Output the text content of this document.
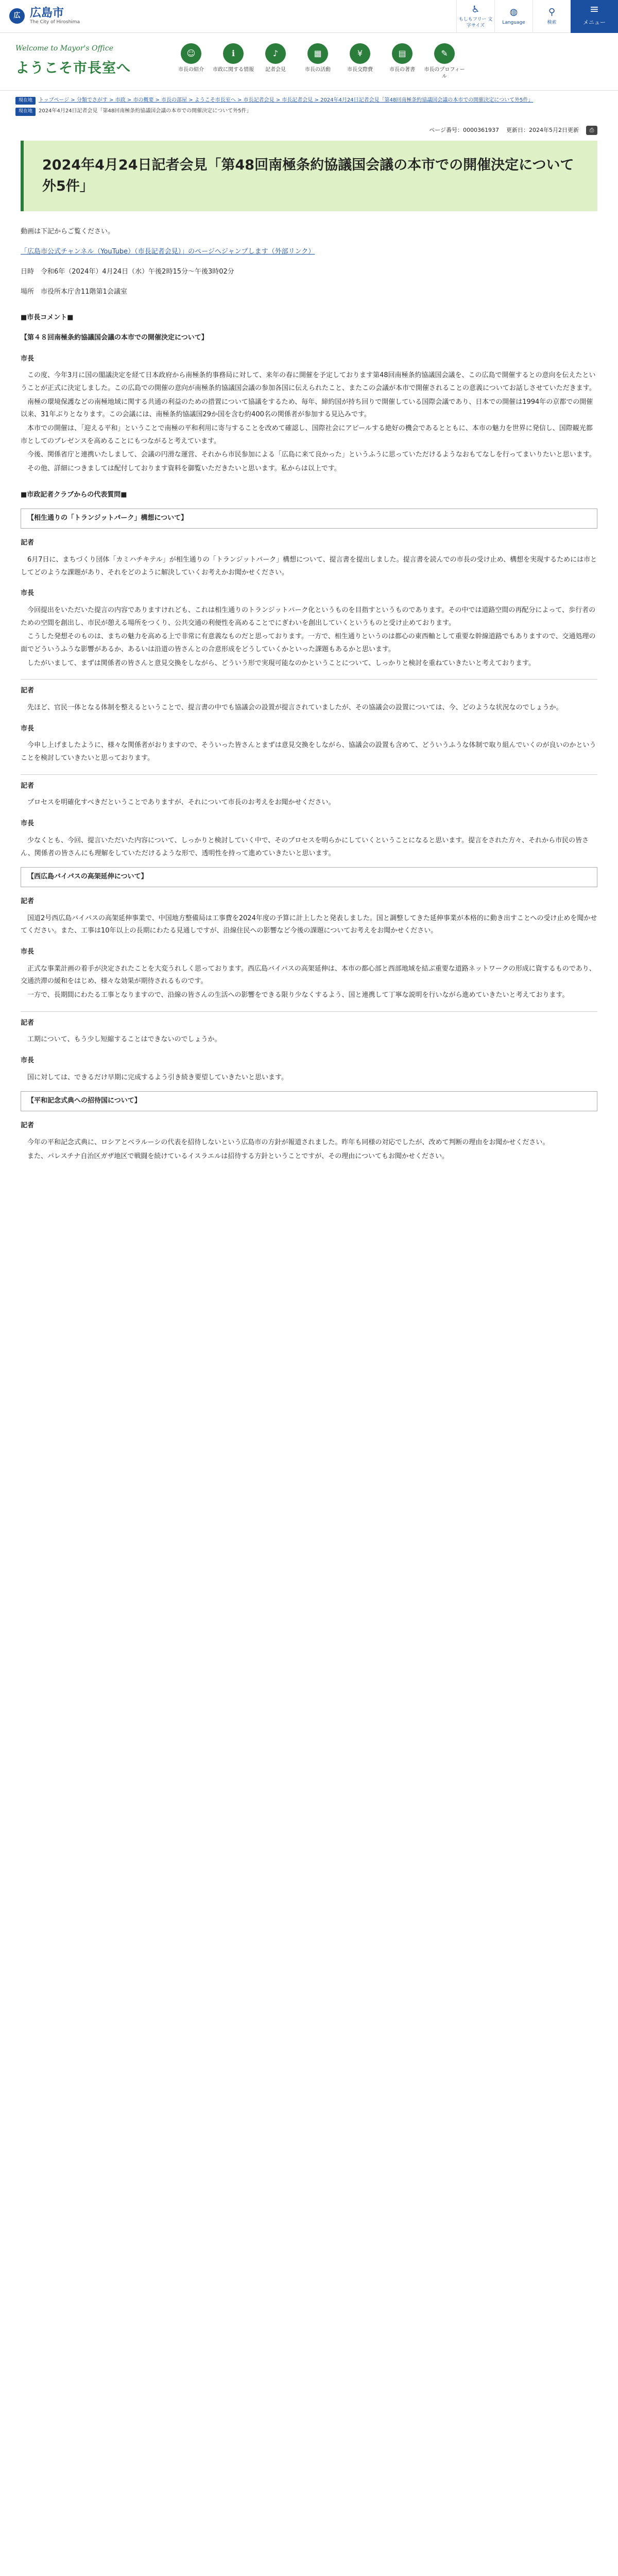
広 広島市
The City of Hiroshima
♿
もしもフリー 文字サイズ
◍
Language
⚲
検索
≡
メニュー
Welcome to Mayor's Office
ようこそ市長室へ
☺
市長の紹介
ℹ
市政に関する情報
♪
記者会見
▦
市長の活動
¥
市長交際費
▤
市長の著書
✎
市長のプロフィール
現在地 トップページ > 分類でさがす > 市政 > 市の概要 > 市長の部屋 > ようこそ市長室へ > 市長記者会見 > 市長記者会見 > 2024年4月24日記者会見「第48回南極条約協議国会議の本市での開催決定について外5件」
現在地 2024年4月24日記者会見「第48回南極条約協議国会議の本市での開催決定について外5件」
ページ番号：0000361937 更新日：2024年5月2日更新	⎙
2024年4月24日記者会見「第48回南極条約協議国会議の本市での開催決定について外5件」

動画は下記からご覧ください。

「広島市公式チャンネル（YouTube）（市長記者会見）」のページへジャンプします（外部リンク）

日時　令和6年（2024年）4月24日（水）午後2時15分～午後3時02分

場所　市役所本庁舎11階第1会議室

■市長コメント■
【第４８回南極条約協議国会議の本市での開催決定について】
市長

この度、今年3月に国の閣議決定を経て日本政府から南極条約事務局に対して、来年の春に開催を予定しております第48回南極条約協議国会議を、この広島で開催するとの意向を伝えたということが正式に決定しました。この広島での開催の意向が南極条約協議国会議の参加各国に伝えられたこと、またこの会議が本市で開催されることの意義についてお話しさせていただきます。

南極の環境保護などの南極地域に関する共通の利益のための措置について協議をするため、毎年、締約国が持ち回りで開催している国際会議であり、日本での開催は1994年の京都での開催以来、31年ぶりとなります。この会議には、南極条約協議国29か国を含む約400名の関係者が参加する見込みです。

本市での開催は、「迎える平和」ということで南極の平和利用に寄与することを改めて確認し、国際社会にアピールする絶好の機会であるとともに、本市の魅力を世界に発信し、国際観光都市としてのプレゼンスを高めることにもつながると考えています。

今後、関係省庁と連携いたしまして、会議の円滑な運営、それから市民参加による「広島に来て良かった」というふうに思っていただけるようなおもてなしを行ってまいりたいと思います。

その他、詳細につきましては配付しております資料を御覧いただきたいと思います。私からは以上です。

■市政記者クラブからの代表質問■
【相生通りの「トランジットパーク」構想について】
記者

6月7日に、まちづくり団体「カミハチキテル」が相生通りの「トランジットパーク」構想について、提言書を提出しました。提言書を読んでの市長の受け止め、構想を実現するためには市としてどのような課題があり、それをどのように解決していくお考えかお聞かせください。

市長

今回提出をいただいた提言の内容でありますけれども、これは相生通りのトランジットパーク化というものを目指すというものであります。その中では道路空間の再配分によって、歩行者のための空間を創出し、市民が憩える場所をつくり、公共交通の利便性を高めることでにぎわいを創出していくというものと受け止めております。

こうした発想そのものは、まちの魅力を高める上で非常に有意義なものだと思っております。一方で、相生通りというのは都心の東西軸として重要な幹線道路でもありますので、交通処理の面でどういうふうな影響があるか、あるいは沿道の皆さんとの合意形成をどうしていくかといった課題もあるかと思います。

したがいまして、まずは関係者の皆さんと意見交換をしながら、どういう形で実現可能なのかということについて、しっかりと検討を重ねていきたいと考えております。

記者

先ほど、官民一体となる体制を整えるということで、提言書の中でも協議会の設置が提言されていましたが、その協議会の設置については、今、どのような状況なのでしょうか。

市長

今申し上げましたように、様々な関係者がおりますので、そういった皆さんとまずは意見交換をしながら、協議会の設置も含めて、どういうふうな体制で取り組んでいくのが良いのかということを検討していきたいと思っております。

記者

プロセスを明確化すべきだということでありますが、それについて市長のお考えをお聞かせください。

市長

少なくとも、今回、提言いただいた内容について、しっかりと検討していく中で、そのプロセスを明らかにしていくということになると思います。提言をされた方々、それから市民の皆さん、関係者の皆さんにも理解をしていただけるような形で、透明性を持って進めていきたいと思います。

【西広島バイパスの高架延伸について】
記者

国道2号西広島バイパスの高架延伸事業で、中国地方整備局は工事費を2024年度の予算に計上したと発表しました。国と調整してきた延伸事業が本格的に動き出すことへの受け止めを聞かせてください。また、工事は10年以上の長期にわたる見通しですが、沿線住民への影響など今後の課題についてお考えをお聞かせください。

市長

正式な事業計画の着手が決定されたことを大変うれしく思っております。西広島バイパスの高架延伸は、本市の都心部と西部地域を結ぶ重要な道路ネットワークの形成に資するものであり、交通渋滞の緩和をはじめ、様々な効果が期待されるものです。

一方で、長期間にわたる工事となりますので、沿線の皆さんの生活への影響をできる限り少なくするよう、国と連携して丁寧な説明を行いながら進めていきたいと考えております。

記者

工期について、もう少し短縮することはできないのでしょうか。

市長

国に対しては、できるだけ早期に完成するよう引き続き要望していきたいと思います。

【平和記念式典への招待国について】
記者

今年の平和記念式典に、ロシアとベラルーシの代表を招待しないという広島市の方針が報道されました。昨年も同様の対応でしたが、改めて判断の理由をお聞かせください。

また、パレスチナ自治区ガザ地区で戦闘を続けているイスラエルは招待する方針ということですが、その理由についてもお聞かせください。
